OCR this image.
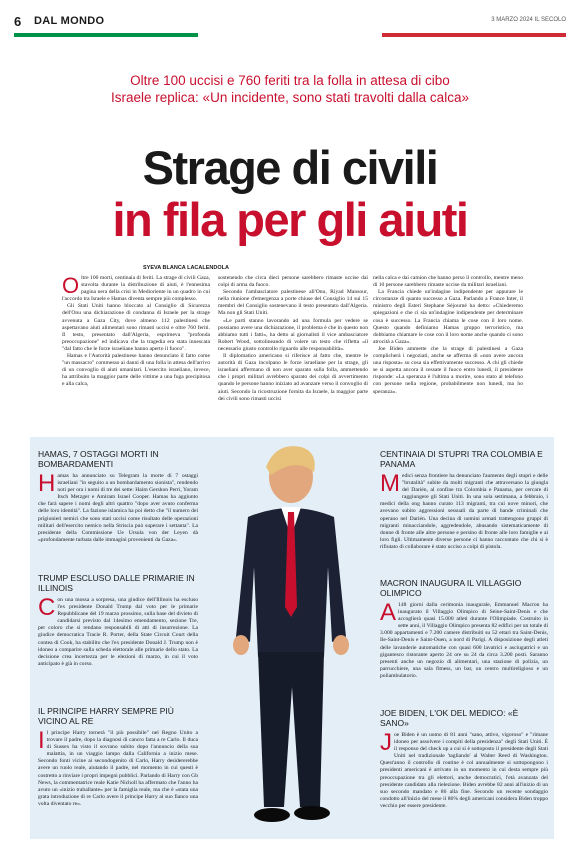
6 DAL MONDO	3 MARZO 2024 IL SECOLO
Oltre 100 uccisi e 760 feriti tra la folla in attesa di cibo
Israele replica: «Un incidente, sono stati travolti dalla calca»
Strage di civili
in fila per gli aiuti
SYEVA BLANCA LACALENDOLA
O ltre 100 morti, centinaia di feriti. La strage di civili Gaza, stavolta durante la distribuzione di aiuti, è l'ennesima pagina nera della crisi in Medioriente in un quadro in cui l'accordo tra Israele e Hamas diventa sempre più complesso.

Gli Stati Uniti hanno bloccato al Consiglio di Sicurezza dell'Onu una dichiarazione di condanna di Israele per la strage avvenuta a Gaza City, dove almeno 112 palestinesi che aspettavano aiuti alimentari sono rimasti uccisi e oltre 760 feriti. Il testo, presentato dall'Algeria, esprimeva "profonda preoccupazione" ed indicava che la tragedia era stata innescata "dal fatto che le forze israeliane hanno aperto il fuoco".

Hamas e l'Autorità palestinese hanno denunciato il fatto come "un massacro" commesso ai danni di una folla in attesa dell'arrivo di un convoglio di aiuti umanitari. L'esercito israeliano, invece, ha attribuito la maggior parte delle vittime a una fuga precipitosa e alla calca,

sostenendo che circa dieci persone sarebbero rimaste uccise dai colpi di arma da fuoco.

Secondo l'ambasciatore palestinese all'Onu, Riyad Mansour, nella riunione d'emergenza a porte chiuse del Consiglio 14 sui 15 membri del Consiglio sostenevano il testo presentato dall'Algeria. Ma non gli Stati Uniti.

«Le parti stanno lavorando ad una formula per vedere se possiamo avere una dichiarazione, il problema è che in questo non abbiamo tutti i fatti», ha detto ai giornalisti il vice ambasciatore Robert Wood, sottolineando di volere un testo che rifletta «il necessario giusto controllo riguardo alle responsabilità».

Il diplomatico americano si riferisce al fatto che, mentre le autorità di Gaza incolpano le forze israeliane per la strage, gli israeliani affermano di non aver sparato sulla folla, ammettendo che i propri militari avrebbero sparato dei colpi di avvertimento quando le persone hanno iniziato ad avanzare verso il convoglio di aiuti. Secondo la ricostruzione fornita da Israele, la maggior parte dei civili sono rimasti uccisi

nella calca e dai camion che hanno perso il controllo, mentre meno di 10 persone sarebbero rimaste uccise da militari israeliani.

La Francia chiede un'indagine indipendente per appurare le circostanze di quanto successo a Gaza. Parlando a France Inter, il ministro degli Esteri Stephane Séjourné ha detto: «Chiederemo spiegazioni e che ci sia un'indagine indipendente per determinare cosa è successo. La Francia chiama le cose con il loro nome. Questo quando definiamo Hamas gruppo terroristico, ma dobbiamo chiamare le cose con il loro nome anche quando ci sono atrocità a Gaza».

Joe Biden ammette che la strage di palestinesi a Gaza complicherà i negoziati, anche se afferma di «non avere ancora una risposta» su cosa sia effettivamente successo. A chi gli chiede se si aspetta ancora il cessate il fuoco entro lunedì, il presidente risponde: «La speranza è l'ultima a morire, sono stato al telefono con persone nella regione, probabilmente non lunedì, ma ho speranza».

HAMAS, 7 OSTAGGI MORTI IN BOMBARDAMENTI
Hamas ha annunciato su Telegram la morte di 7 ostaggi israeliani "in seguito a un bombardamento sionista", rendendo noti per ora i nomi di tre dei sette: Haim Gershon Perri, Yoram Itsch Metzger e Amiram Israel Cooper. Hamas ha aggiunto che farà sapere i nomi degli altri quattro "dopo aver avuto conferma delle loro identità". La fazione islamica ha poi detto che "il numero dei prigionieri nemici che sono stati uccisi come risultato delle operazioni militari dell'esercito nemico nella Striscia può superare i settanta". La presidente della Commissione Ue Ursula von der Leyen dà «profondamente turbata dalle immagini provenienti da Gaza».
TRUMP ESCLUSO DALLE PRIMARIE IN ILLINOIS
Con una mossa a sorpresa, una giudice dell'Illinois ha escluso l'ex presidente Donald Trump dal voto per le primarie Repubblicane del 19 marzo prossimo, sulla base del divieto di candidarsi previsto dal 14esimo emendamento, sezione Tre, per coloro che si rendano responsabili di atti di insurrezione. La giudice democratica Tracie R. Porter, della State Circuit Court della contea di Cook, ha stabilito che l'ex presidente Donald J. Trump non è idoneo a comparire sulla scheda elettorale alle primarie dello stato. La decisione crea incertezza per le elezioni di marzo, in cui il voto anticipato è già in corso.
IL PRINCIPE HARRY SEMPRE PIÙ VICINO AL RE
Il principe Harry tornerà "il più possibile" nel Regno Unito a trovare il padre, dopo la diagnosi di cancro fatta a re Carlo. Il duca di Sussex ha visto il sovrano subito dopo l'annuncio della sua malattia, in un viaggio lampo dalla California a inizio mese. Secondo fonti vicine ai secondogenito di Carlo, Harry desidererebbe avere un ruolo reale, aiutando il padre, nel momento in cui questi è costretto a rinviare i propri impegni pubblici. Parlando di Harry con Gb News, la commentatrice reale Katie Nicholl ha affermato che l'anno ha avuto un «inizio traballante» per la famiglia reale, ma che è «stata una grata introduzione di re Carlo avere il principe Harry al suo fianco una volta diventato re».
CENTINAIA DI STUPRI TRA COLOMBIA E PANAMA
Medici senza frontiere ha denunciato l'aumento degli stupri e delle "brutalità" subite da molti migranti che attraversano la giungla del Darién, al confine tra Colombia e Panama, per cercare di raggiungere gli Stati Uniti. In una sola settimana, a febbraio, i medici della ong hanno curato 113 migranti, tra cui nove minori, che avevano subito aggressioni sessuali da parte di bande criminali che operano nel Darién. Una decina di uomini armati trattengono gruppi di migranti minacciandole, aggredendole, abusando sistematicamente di donne di fronte alle altre persone e persino di fronte alle loro famiglie e ai loro figli. Ultimamente diverse persone ci hanno raccontato che chi si è rifiutato di collaborare è stato ucciso a colpi di pistola.
MACRON INAUGURA IL VILLAGGIO OLIMPICO
A 148 giorni dalla cerimonia inaugurale, Emmanuel Macron ha inaugurato il Villaggio Olimpico di Seine-Saint-Denis e che accoglierà quasi 15.000 atleti durante l'Olimpiade. Costruito in sette anni, il Villaggio Olimpico presenta 82 edifici per un totale di 3.000 appartamenti e 7.200 camere distribuiti su 52 ettari tra Saint-Denis, Ile-Saint-Denis e Saint-Ouen, a nord di Parigi. A disposizione degli atleti delle lavanderie automatiche con quasi 600 lavatrici e asciugatrici e un gigantesco ristorante aperto 24 ore su 24 da circa 3.200 posti. Saranno presenti anche un negozio di alimentari, una stazione di polizia, un parrucchiere, una sala fitness, un bar, un centro multireligioso e un poliambulatorio.
JOE BIDEN, L'OK DEL MEDICO: «È SANO»
Joe Biden è un uomo di 81 anni "sano, attivo, vigoroso" e "rimane idoneo per assolvere i compiti della presidenza" degli Stati Uniti. È il responso del check up a cui si è sottoposto il presidente degli Stati Uniti nel tradizionale 'tagliando' al Walter Reed di Washington. Quest'anno il controllo di routine è col annualmente si sottopongono i presidenti americani è arrivato in un momento in cui desta sempre più preoccupazione tra gli elettori, anche democratici, l'età avanzata del presidente candidato alla rielezione. Biden avrebbe 82 anni all'inizio di un suo secondo mandato e 86 alla fine. Secondo un recente sondaggio condotto all'inizio del mese il 86% degli americani considera Biden troppo vecchio per essere presidente.
